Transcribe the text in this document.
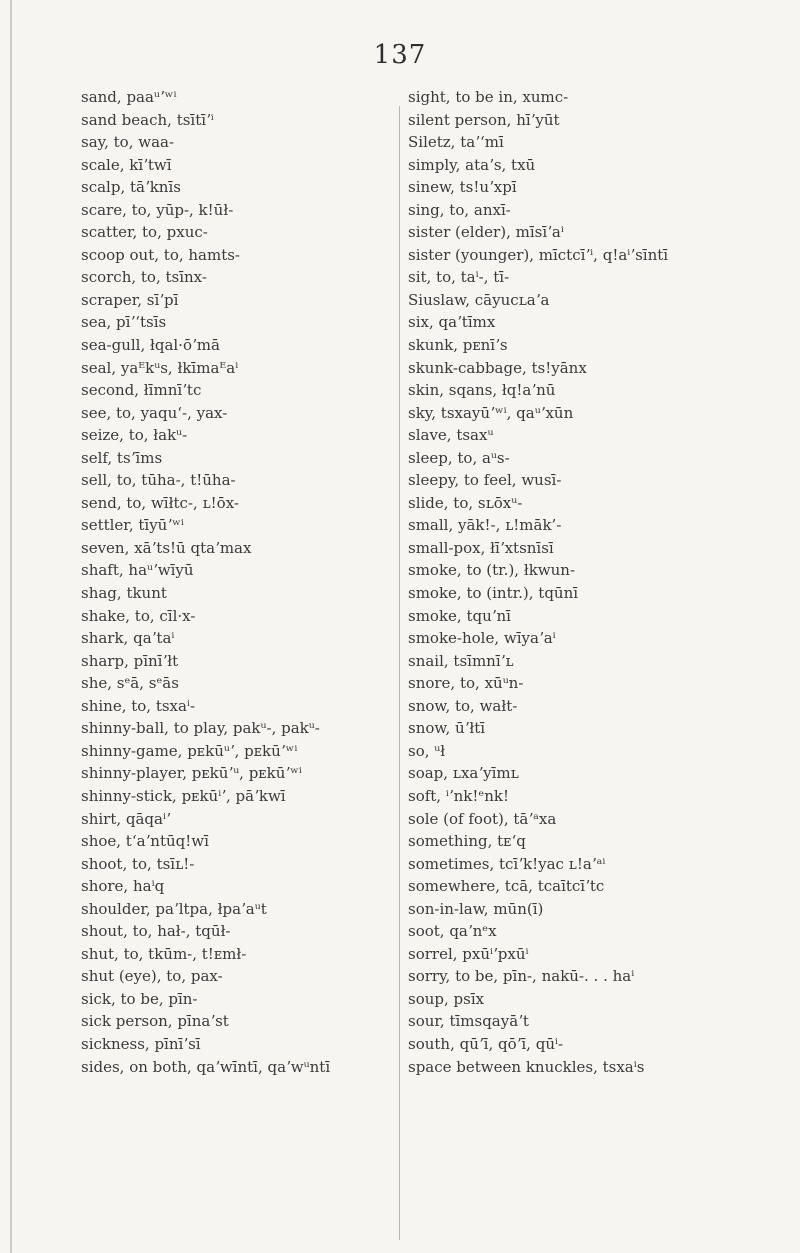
137
sand, paaᵘʼʷⁱ
sand beach, tsītīʼⁱ
say, to, waa-
scale, kīʼtwī
scalp, tāʼknīs
scare, to, yūp-, k!ūł-
scatter, to, pxuc-
scoop out, to, hamts-
scorch, to, tsīnx-
scraper, sīʼpī
sea, pīʼ‘tsīs
sea-gull, łqal·ōʼmā
seal, yaᴱkᵘs, łkīmaᴱaⁱ
second, łīmnīʼtc
see, to, yaqu‘-, yax-
seize, to, łakᵘ-
self, tsʼīms
sell, to, tūha-, t!ūha-
send, to, wīłtc-, ʟ!ōx-
settler, tīyūʼʷⁱ
seven, xāʼts!ū qtaʼmax
shaft, haᵘʼwīyū
shag, tkunt
shake, to, cīl·x-
shark, qaʼtaⁱ
sharp, pīnīʼłt
she, sᵉā, sᵉās
shine, to, tsxaⁱ-
shinny-ball, to play, pakᵘ-, pakᵘ-
shinny-game, pᴇkūᵘʼ, pᴇkūʼʷⁱ
shinny-player, pᴇkūʼᵘ, pᴇkūʼʷⁱ
shinny-stick, pᴇkūⁱʼ, pāʼkwī
shirt, qāqaⁱʼ
shoe, t‘aʼntūq!wī
shoot, to, tsīʟ!-
shore, haⁱq
shoulder, paʼltpa, łpaʼaᵘt
shout, to, hał-, tqūł-
shut, to, tkūm-, t!ᴇmł-
shut (eye), to, pax-
sick, to be, pīn-
sick person, pīnaʼst
sickness, pīnīʼsī
sides, on both, qaʼwīntī, qaʼwᵘntī
sight, to be in, xumc-
silent person, hīʼyūt
Siletz, taʼ‘mī
simply, ataʼs, txū
sinew, ts!uʼxpī
sing, to, anxī-
sister (elder), mīsīʼaⁱ
sister (younger), mīctcīʼⁱ, q!aⁱʼsīntī
sit, to, taⁱ-, tī-
Siuslaw, cāyucʟaʼa
six, qaʼtīmx
skunk, pᴇnīʼs
skunk-cabbage, ts!yānx
skin, sqans, łq!aʼnū
sky, tsxayūʼʷⁱ, qaᵘʼxūn
slave, tsaxᵘ
sleep, to, aᵘs-
sleepy, to feel, wusī-
slide, to, sʟōxᵘ-
small, yāk!-, ʟ!māk’-
small-pox, łīʼxtsnīsī
smoke, to (tr.), łkwun-
smoke, to (intr.), tqūnī
smoke, tquʼnī
smoke-hole, wīyaʼaⁱ
snail, tsīmnīʼʟ
snore, to, xūᵘn-
snow, to, wałt-
snow, ūʼłtī
so, ᵘł
soap, ʟxaʼyīmʟ
soft, ⁱʼnk!ᵉnk!
sole (of foot), tāʼᵃxa
something, tᴇ‘q
sometimes, tcīʼk!yac ʟ!aʼᵃⁱ
somewhere, tcā, tcaītcīʼtc
son-in-law, mūn(ī)
soot, qaʼnᵉx
sorrel, pxūⁱʼpxūⁱ
sorry, to be, pīn-, nakū-. . . haⁱ
soup, psīx
sour, tīmsqayāʼt
south, qūʼī, qōʼī, qūⁱ-
space between knuckles, tsxaⁱs
